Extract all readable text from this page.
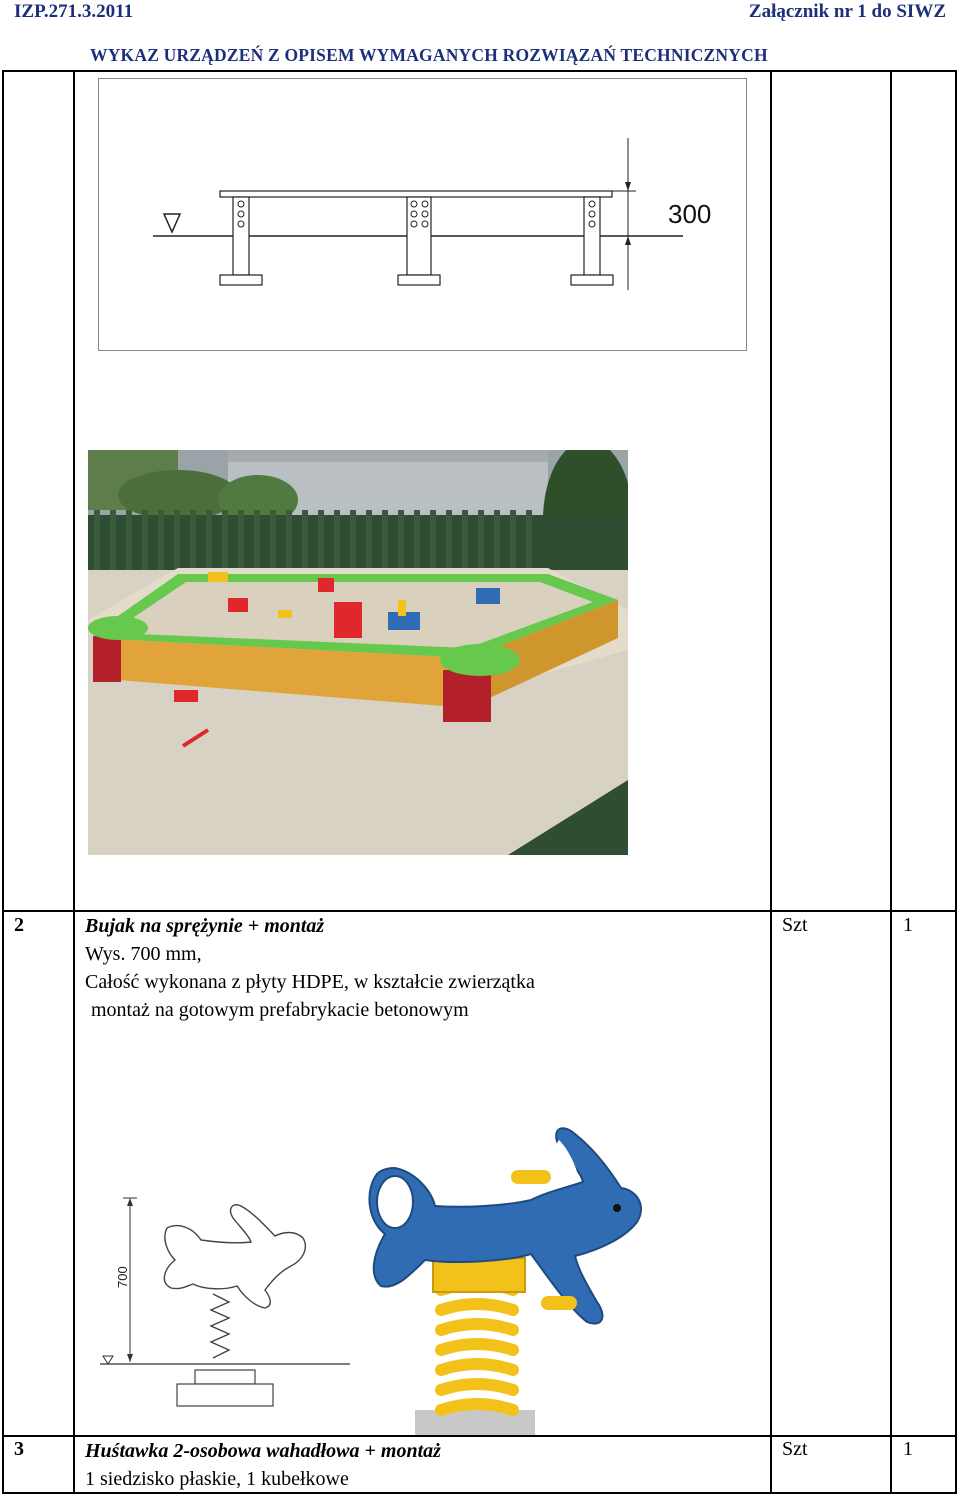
IZP.271.3.2011	Załącznik nr 1 do SIWZ
WYKAZ URZĄDZEŃ Z OPISEM WYMAGANYCH ROZWIĄZAŃ TECHNICZNYCH
300
2	Bujak na sprężynie + montaż
Wys. 700 mm,
Całość wykonana z płyty HDPE, w kształcie zwierzątka
montaż na gotowym prefabrykacie betonowym
Szt	1
700
3	Huśtawka 2-osobowa wahadłowa + montaż
1 siedzisko płaskie, 1 kubełkowe
Szt	1
